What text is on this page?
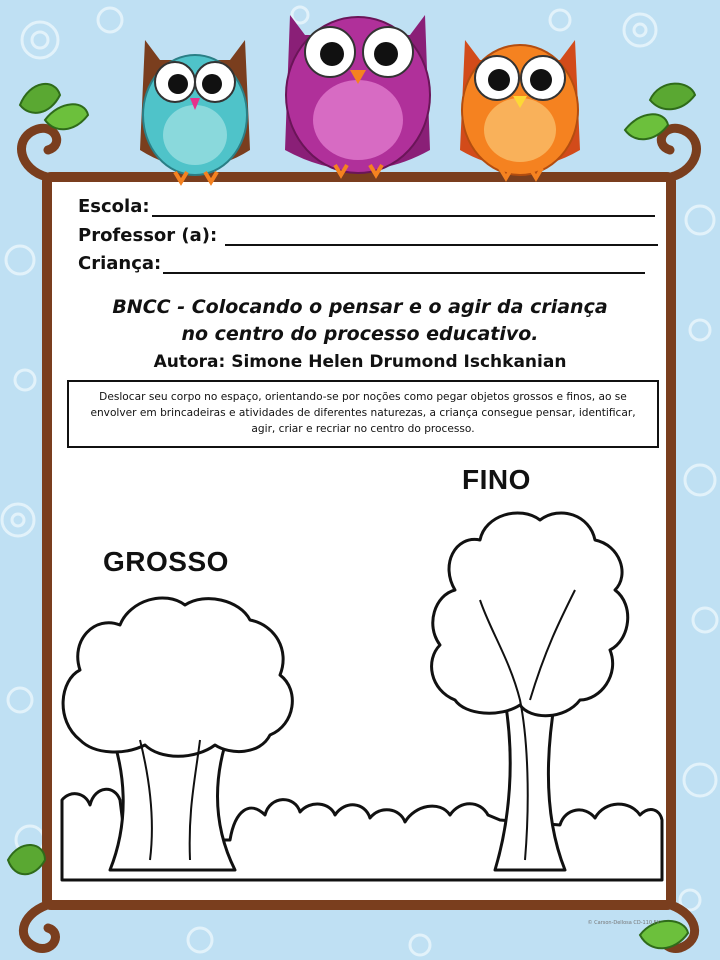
Escola:
Professor (a):
Criança:
BNCC - Colocando o pensar e o agir da criança
no centro do processo educativo.
Autora: Simone Helen Drumond Ischkanian
Deslocar seu corpo no espaço, orientando-se por noções como pegar objetos grossos e finos, ao se envolver em brincadeiras e atividades de diferentes naturezas, a criança consegue pensar, identificar, agir, criar e recriar no centro do processo.
GROSSO
FINO
© Carson-Dellosa CD-110 FX
